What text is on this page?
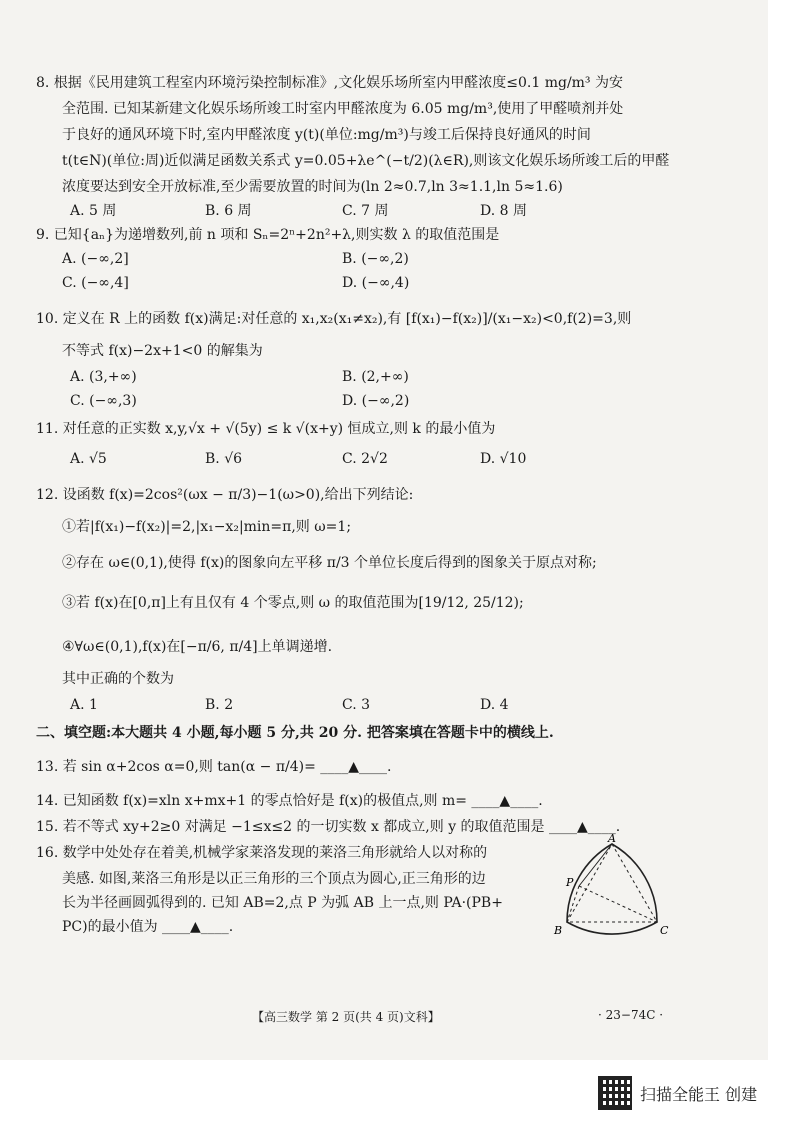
8. 根据《民用建筑工程室内环境污染控制标准》,文化娱乐场所室内甲醛浓度≤0.1 mg/m³ 为安
全范围. 已知某新建文化娱乐场所竣工时室内甲醛浓度为 6.05 mg/m³,使用了甲醛喷剂并处
于良好的通风环境下时,室内甲醛浓度 y(t)(单位:mg/m³)与竣工后保持良好通风的时间
t(t∈N)(单位:周)近似满足函数关系式 y=0.05+λe^(−t/2)(λ∈R),则该文化娱乐场所竣工后的甲醛
浓度要达到安全开放标准,至少需要放置的时间为(ln 2≈0.7,ln 3≈1.1,ln 5≈1.6)
A. 5 周	B. 6 周	C. 7 周	D. 8 周
9. 已知{aₙ}为递增数列,前 n 项和 Sₙ=2ⁿ+2n²+λ,则实数 λ 的取值范围是
A. (−∞,2]	B. (−∞,2)
C. (−∞,4]	D. (−∞,4)
10. 定义在 R 上的函数 f(x)满足:对任意的 x₁,x₂(x₁≠x₂),有 [f(x₁)−f(x₂)]/(x₁−x₂)<0,f(2)=3,则
不等式 f(x)−2x+1<0 的解集为
A. (3,+∞)	B. (2,+∞)
C. (−∞,3)	D. (−∞,2)
11. 对任意的正实数 x,y,√x + √(5y) ≤ k √(x+y) 恒成立,则 k 的最小值为
A. √5	B. √6	C. 2√2	D. √10
12. 设函数 f(x)=2cos²(ωx − π/3)−1(ω>0),给出下列结论:
①若|f(x₁)−f(x₂)|=2,|x₁−x₂|min=π,则 ω=1;
②存在 ω∈(0,1),使得 f(x)的图象向左平移 π/3 个单位长度后得到的图象关于原点对称;
③若 f(x)在[0,π]上有且仅有 4 个零点,则 ω 的取值范围为[19/12, 25/12);
④∀ω∈(0,1),f(x)在[−π/6, π/4]上单调递增.
其中正确的个数为
A. 1	B. 2	C. 3	D. 4
二、填空题:本大题共 4 小题,每小题 5 分,共 20 分. 把答案填在答题卡中的横线上.
13. 若 sin α+2cos α=0,则 tan(α − π/4)= ____▲____.
14. 已知函数 f(x)=xln x+mx+1 的零点恰好是 f(x)的极值点,则 m= ____▲____.
15. 若不等式 xy+2≥0 对满足 −1≤x≤2 的一切实数 x 都成立,则 y 的取值范围是 ____▲____.
16. 数学中处处存在着美,机械学家莱洛发现的莱洛三角形就给人以对称的
美感. 如图,莱洛三角形是以正三角形的三个顶点为圆心,正三角形的边
长为半径画圆弧得到的. 已知 AB=2,点 P 为弧 AB 上一点,则 PA·(PB+
PC)的最小值为 ____▲____.
A
B	C
P
【高三数学 第 2 页(共 4 页)文科】	· 23−74C ·
扫描全能王 创建
